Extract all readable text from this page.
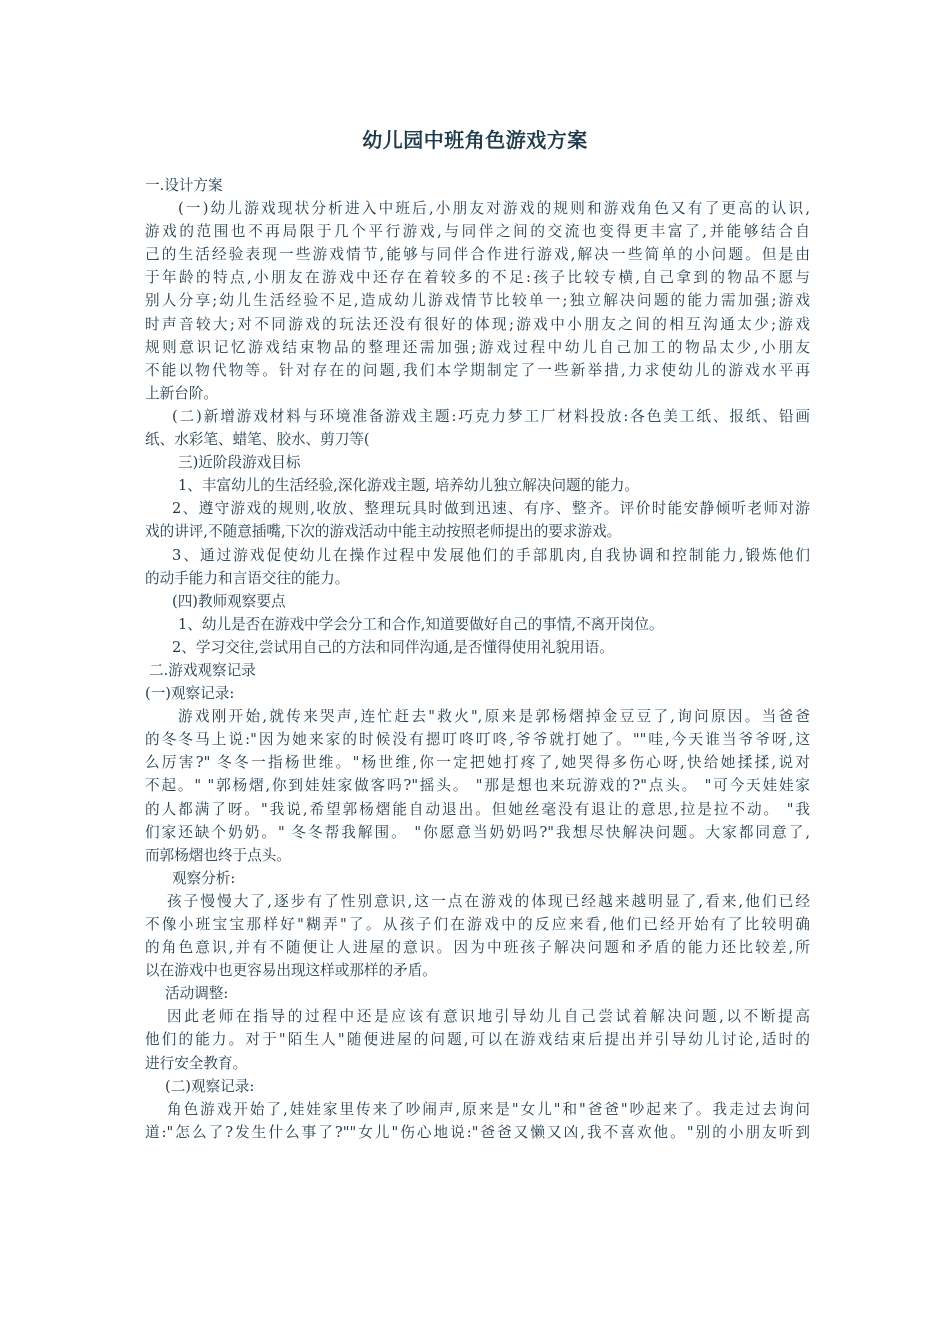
幼儿园中班角色游戏方案
一.设计方案
(一)幼儿游戏现状分析进入中班后,小朋友对游戏的规则和游戏角色又有了更高的认识,
游戏的范围也不再局限于几个平行游戏,与同伴之间的交流也变得更丰富了,并能够结合自
己的生活经验表现一些游戏情节,能够与同伴合作进行游戏,解决一些简单的小问题。但是由
于年龄的特点,小朋友在游戏中还存在着较多的不足:孩子比较专横,自己拿到的物品不愿与
别人分享;幼儿生活经验不足,造成幼儿游戏情节比较单一;独立解决问题的能力需加强;游戏
时声音较大;对不同游戏的玩法还没有很好的体现;游戏中小朋友之间的相互沟通太少;游戏
规则意识记忆游戏结束物品的整理还需加强;游戏过程中幼儿自己加工的物品太少,小朋友
不能以物代物等。针对存在的问题,我们本学期制定了一些新举措,力求使幼儿的游戏水平再
上新台阶。
(二)新增游戏材料与环境准备游戏主题:巧克力梦工厂材料投放:各色美工纸、报纸、铅画
纸、水彩笔、蜡笔、胶水、剪刀等(
三)近阶段游戏目标
1、丰富幼儿的生活经验,深化游戏主题, 培养幼儿独立解决问题的能力。
2、遵守游戏的规则,收放、整理玩具时做到迅速、有序、整齐。评价时能安静倾听老师对游
戏的讲评,不随意插嘴,下次的游戏活动中能主动按照老师提出的要求游戏。
3、通过游戏促使幼儿在操作过程中发展他们的手部肌肉,自我协调和控制能力,锻炼他们
的动手能力和言语交往的能力。
(四)教师观察要点
1、幼儿是否在游戏中学会分工和合作,知道要做好自己的事情,不离开岗位。
2、学习交往,尝试用自己的方法和同伴沟通,是否懂得使用礼貌用语。
二.游戏观察记录
(一)观察记录:
游戏刚开始,就传来哭声,连忙赶去"救火",原来是郭杨熠掉金豆豆了,询问原因。当爸爸
的冬冬马上说:"因为她来家的时候没有摁叮咚叮咚,爷爷就打她了。""哇,今天谁当爷爷呀,这
么厉害?" 冬冬一指杨世维。"杨世维,你一定把她打疼了,她哭得多伤心呀,快给她揉揉,说对
不起。" "郭杨熠,你到娃娃家做客吗?"摇头。 "那是想也来玩游戏的?"点头。 "可今天娃娃家
的人都满了呀。"我说,希望郭杨熠能自动退出。但她丝毫没有退让的意思,拉是拉不动。 "我
们家还缺个奶奶。" 冬冬帮我解围。 "你愿意当奶奶吗?"我想尽快解决问题。大家都同意了,
而郭杨熠也终于点头。
观察分析:
孩子慢慢大了,逐步有了性别意识,这一点在游戏的体现已经越来越明显了,看来,他们已经
不像小班宝宝那样好"糊弄"了。从孩子们在游戏中的反应来看,他们已经开始有了比较明确
的角色意识,并有不随便让人进屋的意识。因为中班孩子解决问题和矛盾的能力还比较差,所
以在游戏中也更容易出现这样或那样的矛盾。
活动调整:
因此老师在指导的过程中还是应该有意识地引导幼儿自己尝试着解决问题,以不断提高
他们的能力。对于"陌生人"随便进屋的问题,可以在游戏结束后提出并引导幼儿讨论,适时的
进行安全教育。
(二)观察记录:
角色游戏开始了,娃娃家里传来了吵闹声,原来是"女儿"和"爸爸"吵起来了。我走过去询问
道:"怎么了?发生什么事了?""女儿"伤心地说:"爸爸又懒又凶,我不喜欢他。"别的小朋友听到
